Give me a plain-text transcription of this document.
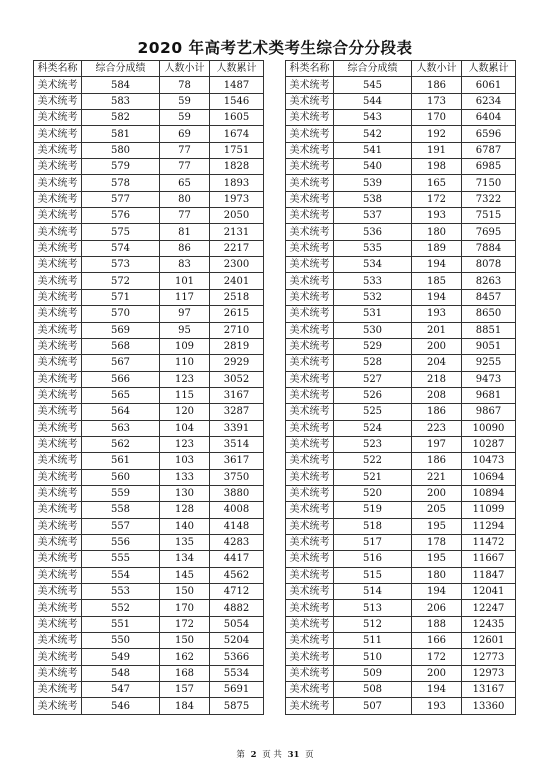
2020 年高考艺术类考生综合分分段表
科类名称	综合分成绩	人数小计	人数累计
美术统考	584	78	1487
美术统考	583	59	1546
美术统考	582	59	1605
美术统考	581	69	1674
美术统考	580	77	1751
美术统考	579	77	1828
美术统考	578	65	1893
美术统考	577	80	1973
美术统考	576	77	2050
美术统考	575	81	2131
美术统考	574	86	2217
美术统考	573	83	2300
美术统考	572	101	2401
美术统考	571	117	2518
美术统考	570	97	2615
美术统考	569	95	2710
美术统考	568	109	2819
美术统考	567	110	2929
美术统考	566	123	3052
美术统考	565	115	3167
美术统考	564	120	3287
美术统考	563	104	3391
美术统考	562	123	3514
美术统考	561	103	3617
美术统考	560	133	3750
美术统考	559	130	3880
美术统考	558	128	4008
美术统考	557	140	4148
美术统考	556	135	4283
美术统考	555	134	4417
美术统考	554	145	4562
美术统考	553	150	4712
美术统考	552	170	4882
美术统考	551	172	5054
美术统考	550	150	5204
美术统考	549	162	5366
美术统考	548	168	5534
美术统考	547	157	5691
美术统考	546	184	5875
科类名称	综合分成绩	人数小计	人数累计
美术统考	545	186	6061
美术统考	544	173	6234
美术统考	543	170	6404
美术统考	542	192	6596
美术统考	541	191	6787
美术统考	540	198	6985
美术统考	539	165	7150
美术统考	538	172	7322
美术统考	537	193	7515
美术统考	536	180	7695
美术统考	535	189	7884
美术统考	534	194	8078
美术统考	533	185	8263
美术统考	532	194	8457
美术统考	531	193	8650
美术统考	530	201	8851
美术统考	529	200	9051
美术统考	528	204	9255
美术统考	527	218	9473
美术统考	526	208	9681
美术统考	525	186	9867
美术统考	524	223	10090
美术统考	523	197	10287
美术统考	522	186	10473
美术统考	521	221	10694
美术统考	520	200	10894
美术统考	519	205	11099
美术统考	518	195	11294
美术统考	517	178	11472
美术统考	516	195	11667
美术统考	515	180	11847
美术统考	514	194	12041
美术统考	513	206	12247
美术统考	512	188	12435
美术统考	511	166	12601
美术统考	510	172	12773
美术统考	509	200	12973
美术统考	508	194	13167
美术统考	507	193	13360
第 2 页 共 31 页
